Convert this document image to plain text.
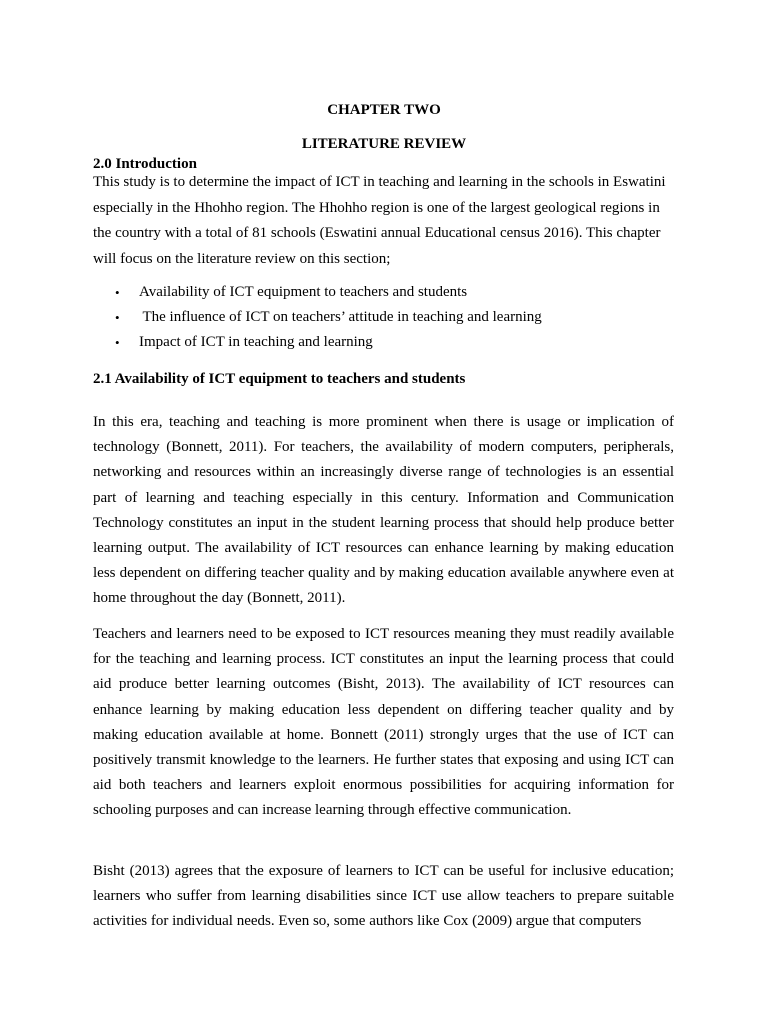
CHAPTER TWO
LITERATURE REVIEW
2.0 Introduction

This study is to determine the impact of ICT in teaching and learning in the schools in Eswatini especially in the Hhohho region. The Hhohho region is one of the largest geological regions in the country with a total of 81 schools (Eswatini annual Educational census 2016). This chapter will focus on the literature review on this section;

• Availability of ICT equipment to teachers and students
• The influence of ICT on teachers’ attitude in teaching and learning
• Impact of ICT in teaching and learning
2.1 Availability of ICT equipment to teachers and students

In this era, teaching and teaching is more prominent when there is usage or implication of technology (Bonnett, 2011). For teachers, the availability of modern computers, peripherals, networking and resources within an increasingly diverse range of technologies is an essential part of learning and teaching especially in this century. Information and Communication Technology constitutes an input in the student learning process that should help produce better learning output. The availability of ICT resources can enhance learning by making education less dependent on differing teacher quality and by making education available anywhere even at home throughout the day (Bonnett, 2011).

Teachers and learners need to be exposed to ICT resources meaning they must readily available for the teaching and learning process. ICT constitutes an input the learning process that could aid produce better learning outcomes (Bisht, 2013). The availability of ICT resources can enhance learning by making education less dependent on differing teacher quality and by making education available at home. Bonnett (2011) strongly urges that the use of ICT can positively transmit knowledge to the learners. He further states that exposing and using ICT can aid both teachers and learners exploit enormous possibilities for acquiring information for schooling purposes and can increase learning through effective communication.

Bisht (2013) agrees that the exposure of learners to ICT can be useful for inclusive education; learners who suffer from learning disabilities since ICT use allow teachers to prepare suitable activities for individual needs. Even so, some authors like Cox (2009) argue that computers
